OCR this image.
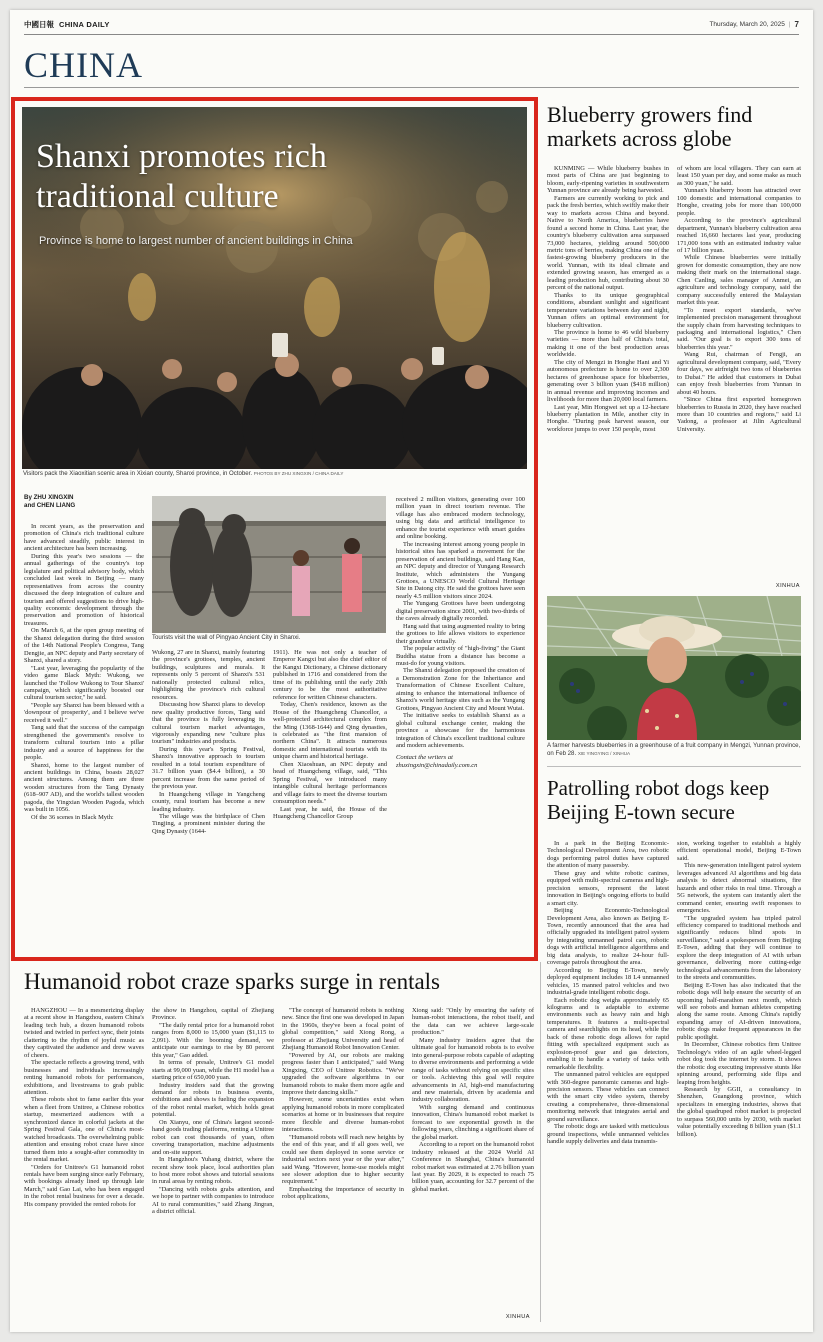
中國日報 CHINA DAILY	Thursday, March 20, 2025 | 7
CHINA
Shanxi promotes rich
traditional culture
Province is home to largest number of ancient buildings in China
Visitors pack the Xiaoxitian scenic area in Xixian county, Shanxi province, in October. PHOTOS BY ZHU XINGXIN / CHINA DAILY
By ZHU XINGXIN
and CHEN LIANG
Tourists visit the wall of Pingyao Ancient City in Shanxi.

In recent years, as the preservation and promotion of China's rich traditional culture have advanced steadily, public interest in ancient architecture has been increasing.

During this year's two sessions — the annual gatherings of the country's top legislature and political advisory body, which concluded last week in Beijing — many representatives from across the country discussed the deep integration of culture and tourism and offered suggestions to drive high-quality economic development through the preservation and promotion of historical treasures.

On March 6, at the open group meeting of the Shanxi delegation during the third session of the 14th National People's Congress, Tang Dengjie, an NPC deputy and Party secretary of Shanxi, shared a story.

"Last year, leveraging the popularity of the video game Black Myth: Wukong, we launched the 'Follow Wukong to Tour Shanxi' campaign, which significantly boosted our cultural tourism sector," he said.

"People say Shanxi has been blessed with a 'downpour of prosperity', and I believe we've received it well."

Tang said that the success of the campaign strengthened the government's resolve to transform cultural tourism into a pillar industry and a source of happiness for the people.

Shanxi, home to the largest number of ancient buildings in China, boasts 28,027 ancient structures. Among them are three wooden structures from the Tang Dynasty (618–907 AD), and the world's tallest wooden pagoda, the Yingxian Wooden Pagoda, which was built in 1056.

Of the 36 scenes in Black Myth:

Wukong, 27 are in Shanxi, mainly featuring the province's grottoes, temples, ancient buildings, sculptures and murals. It represents only 5 percent of Shanxi's 531 nationally protected cultural relics, highlighting the province's rich cultural resources.

Discussing how Shanxi plans to develop new quality productive forces, Tang said that the province is fully leveraging its cultural tourism market advantages, vigorously expanding new "culture plus tourism" industries and products.

During this year's Spring Festival, Shanxi's innovative approach to tourism resulted in a total tourism expenditure of 31.7 billion yuan ($4.4 billion), a 30 percent increase from the same period of the previous year.

In Huangcheng village in Yangcheng county, rural tourism has become a new leading industry.

The village was the birthplace of Chen Tingjing, a prominent minister during the Qing Dynasty (1644-

1911). He was not only a teacher of Emperor Kangxi but also the chief editor of the Kangxi Dictionary, a Chinese dictionary published in 1716 and considered from the time of its publishing until the early 20th century to be the most authoritative reference for written Chinese characters.

Today, Chen's residence, known as the House of the Huangcheng Chancellor, a well-protected architectural complex from the Ming (1368-1644) and Qing dynasties, is celebrated as "the first mansion of northern China". It attracts numerous domestic and international tourists with its unique charm and historical heritage.

Chen Xiaoshuan, an NPC deputy and head of Huangcheng village, said, "This Spring Festival, we introduced many intangible cultural heritage performances and village fairs to meet the diverse tourism consumption needs."

Last year, he said, the House of the Huangcheng Chancellor Group

received 2 million visitors, generating over 100 million yuan in direct tourism revenue. The village has also embraced modern technology, using big data and artificial intelligence to enhance the tourist experience with smart guides and online booking.

The increasing interest among young people in historical sites has sparked a movement for the preservation of ancient buildings, said Hang Kan, an NPC deputy and director of Yungang Research Institute, which administers the Yungang Grottoes, a UNESCO World Cultural Heritage Site in Datong city. He said the grottoes have seen nearly 4.5 million visitors since 2024.

The Yungang Grottoes have been undergoing digital preservation since 2001, with two-thirds of the caves already digitally recorded.

Hang said that using augmented reality to bring the grottoes to life allows visitors to experience their grandeur virtually.

The popular activity of "high-fiving" the Giant Buddha statue from a distance has become a must-do for young visitors.

The Shanxi delegation proposed the creation of a Demonstration Zone for the Inheritance and Transformation of Chinese Excellent Culture, aiming to enhance the international influence of Shanxi's world heritage sites such as the Yungang Grottoes, Pingyao Ancient City and Mount Wutai.

The initiative seeks to establish Shanxi as a global cultural exchange center, making the province a showcase for the harmonious integration of China's excellent traditional culture and modern achievements.

Contact the writers at
zhuxingxin@chinadaily.com.cn
Blueberry growers find
markets across globe

KUNMING — While blueberry bushes in most parts of China are just beginning to bloom, early-ripening varieties in southwestern Yunnan province are already being harvested.

Farmers are currently working to pick and pack the fresh berries, which swiftly make their way to markets across China and beyond. Native to North America, blueberries have found a second home in China. Last year, the country's blueberry cultivation area surpassed 73,000 hectares, yielding around 500,000 metric tons of berries, making China one of the fastest-growing blueberry producers in the world. Yunnan, with its ideal climate and extended growing season, has emerged as a leading production hub, contributing about 30 percent of the national output.

Thanks to its unique geographical conditions, abundant sunlight and significant temperature variations between day and night, Yunnan offers an optimal environment for blueberry cultivation.

The province is home to 46 wild blueberry varieties — more than half of China's total, making it one of the best production areas worldwide.

The city of Mengzi in Honghe Hani and Yi autonomous prefecture is home to over 2,300 hectares of greenhouse space for blueberries, generating over 3 billion yuan ($418 million) in annual revenue and improving incomes and livelihoods for more than 20,000 local farmers.

Last year, Min Hongwei set up a 12-hectare blueberry plantation in Mile, another city in Honghe. "During peak harvest season, our workforce jumps to over 150 people, most

of whom are local villagers. They can earn at least 150 yuan per day, and some make as much as 300 yuan," he said.

Yunnan's blueberry boom has attracted over 100 domestic and international companies to Honghe, creating jobs for more than 100,000 people.

According to the province's agricultural department, Yunnan's blueberry cultivation area reached 16,660 hectares last year, producing 171,000 tons with an estimated industry value of 17 billion yuan.

While Chinese blueberries were initially grown for domestic consumption, they are now making their mark on the international stage. Chen Canling, sales manager of Anmei, an agriculture and technology company, said the company successfully entered the Malaysian market this year.

"To meet export standards, we've implemented precision management throughout the supply chain from harvesting techniques to packaging and international logistics," Chen said. "Our goal is to export 300 tons of blueberries this year."

Wang Rui, chairman of Fengji, an agricultural development company, said, "Every four days, we airfreight two tons of blueberries to Dubai." He added that customers in Dubai can enjoy fresh blueberries from Yunnan in about 40 hours.

"Since China first exported homegrown blueberries to Russia in 2020, they have reached more than 10 countries and regions," said Li Yadong, a professor at Jilin Agricultural University.

XINHUA
A farmer harvests blueberries in a greenhouse of a fruit company in Mengzi, Yunnan province, on Feb 28. XIE YINGYING / XINHUA
Patrolling robot dogs keep
Beijing E-town secure

In a park in the Beijing Economic-Technological Development Area, two robotic dogs performing patrol duties have captured the attention of many passersby.

These gray and white robotic canines, equipped with multi-spectral cameras and high-precision sensors, represent the latest innovation in Beijing's ongoing efforts to build a smart city.

Beijing Economic-Technological Development Area, also known as Beijing E-Town, recently announced that the area had officially upgraded its intelligent patrol system by integrating unmanned patrol cars, robotic dogs with artificial intelligence algorithms and big data analysis, to realize 24-hour full-coverage patrols throughout the area.

According to Beijing E-Town, newly deployed equipment includes 18 L4 unmanned vehicles, 15 manned patrol vehicles and two industrial-grade intelligent robotic dogs.

Each robotic dog weighs approximately 65 kilograms and is adaptable to extreme environments such as heavy rain and high temperatures. It features a multi-spectral camera and searchlights on its head, while the back of these robotic dogs allows for rapid fitting with specialized equipment such as explosion-proof gear and gas detectors, enabling it to handle a variety of tasks with remarkable flexibility.

The unmanned patrol vehicles are equipped with 360-degree panoramic cameras and high-precision sensors. These vehicles can connect with the smart city video system, thereby creating a comprehensive, three-dimensional monitoring network that integrates aerial and ground surveillance.

The robotic dogs are tasked with meticulous ground inspections, while unmanned vehicles handle supply deliveries and data transmis-

sion, working together to establish a highly efficient operational model, Beijing E-Town said.

This new-generation intelligent patrol system leverages advanced AI algorithms and big data analysis to detect abnormal situations, fire hazards and other risks in real time. Through a 5G network, the system can instantly alert the command center, ensuring swift responses to emergencies.

"The upgraded system has tripled patrol efficiency compared to traditional methods and significantly reduces blind spots in surveillance," said a spokesperson from Beijing E-Town, adding that they will continue to explore the deep integration of AI with urban governance, delivering more cutting-edge technological advancements from the laboratory to the streets and communities.

Beijing E-Town has also indicated that the robotic dogs will help ensure the security of an upcoming half-marathon next month, which will see robots and human athletes competing along the same route. Among China's rapidly expanding array of AI-driven innovations, robotic dogs make frequent appearances in the public spotlight.

In December, Chinese robotics firm Unitree Technology's video of an agile wheel-legged robot dog took the internet by storm. It shows the robotic dog executing impressive stunts like spinning around, performing side flips and leaping from heights.

Research by GGII, a consultancy in Shenzhen, Guangdong province, which specializes in emerging industries, shows that the global quadruped robot market is projected to surpass 560,000 units by 2030, with market value potentially exceeding 8 billion yuan ($1.1 billion).

Humanoid robot craze sparks surge in rentals

HANGZHOU — In a mesmerizing display at a recent show in Hangzhou, eastern China's leading tech hub, a dozen humanoid robots twisted and twirled in perfect sync, their joints clattering to the rhythm of joyful music as they captivated the audience and drew waves of cheers.

The spectacle reflects a growing trend, with businesses and individuals increasingly renting humanoid robots for performances, exhibitions, and livestreams to grab public attention.

These robots shot to fame earlier this year when a fleet from Unitree, a Chinese robotics startup, mesmerized audiences with a synchronized dance in colorful jackets at the Spring Festival Gala, one of China's most-watched broadcasts. The overwhelming public attention and ensuing robot craze have since turned them into a sought-after commodity in the rental market.

"Orders for Unitree's G1 humanoid robot rentals have been surging since early February, with bookings already lined up through late March," said Gao Lai, who has been engaged in the robot rental business for over a decade. His company provided the rented robots for

the show in Hangzhou, capital of Zhejiang Province.

"The daily rental price for a humanoid robot ranges from 8,000 to 15,000 yuan ($1,115 to 2,091). With the booming demand, we anticipate our earnings to rise by 80 percent this year," Gao added.

In terms of presale, Unitree's G1 model starts at 99,000 yuan, while the H1 model has a starting price of 650,000 yuan.

Industry insiders said that the growing demand for robots in business events, exhibitions and shows is fueling the expansion of the robot rental market, which holds great potential.

On Xianyu, one of China's largest second-hand goods trading platforms, renting a Unitree robot can cost thousands of yuan, often covering transportation, machine adjustments and on-site support.

In Hangzhou's Yuhang district, where the recent show took place, local authorities plan to host more robot shows and tutorial sessions in rural areas by renting robots.

"Dancing with robots grabs attention, and we hope to partner with companies to introduce AI to rural communities," said Zhang Jingran, a district official.

"The concept of humanoid robots is nothing new. Since the first one was developed in Japan in the 1960s, they've been a focal point of global competition," said Xiong Rong, a professor at Zhejiang University and head of Zhejiang Humanoid Robot Innovation Center.

"Powered by AI, our robots are making progress faster than I anticipated," said Wang Xingxing, CEO of Unitree Robotics. "We've upgraded the software algorithms in our humanoid robots to make them more agile and improve their dancing skills."

However, some uncertainties exist when applying humanoid robots in more complicated scenarios at home or in businesses that require more flexible and diverse human-robot interactions.

"Humanoid robots will reach new heights by the end of this year, and if all goes well, we could see them deployed in some service or industrial sectors next year or the year after," said Wang. "However, home-use models might see slower adoption due to higher security requirement."

Emphasizing the importance of security in robot applications,

Xiong said: "Only by ensuring the safety of human-robot interactions, the robot itself, and the data can we achieve large-scale production."

Many industry insiders agree that the ultimate goal for humanoid robots is to evolve into general-purpose robots capable of adapting to diverse environments and performing a wide range of tasks without relying on specific sites or tools. Achieving this goal will require advancements in AI, high-end manufacturing and new materials, driven by academia and industry collaboration.

With surging demand and continuous innovation, China's humanoid robot market is forecast to see exponential growth in the following years, clinching a significant share of the global market.

According to a report on the humanoid robot industry released at the 2024 World AI Conference in Shanghai, China's humanoid robot market was estimated at 2.76 billion yuan last year. By 2029, it is expected to reach 75 billion yuan, accounting for 32.7 percent of the global market.

XINHUA
